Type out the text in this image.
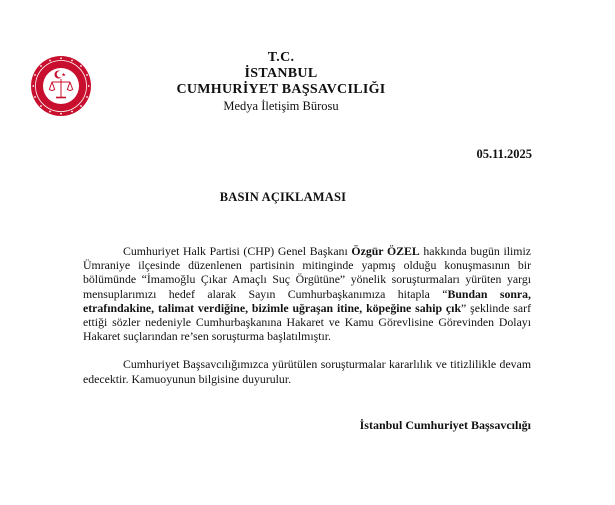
T.C.
İSTANBUL
CUMHURİYET BAŞSAVCILIĞI
Medya İletişim Bürosu
05.11.2025
BASIN AÇIKLAMASI

Cumhuriyet Halk Partisi (CHP) Genel Başkanı Özgür ÖZEL hakkında bugün ilimiz Ümraniye ilçesinde düzenlenen partisinin mitinginde yapmış olduğu konuşmasının bir bölümünde “İmamoğlu Çıkar Amaçlı Suç Örgütüne” yönelik soruşturmaları yürüten yargı mensuplarımızı hedef alarak Sayın Cumhurbaşkanımıza hitapla “Bundan sonra, etrafındakine, talimat verdiğine, bizimle uğraşan itine, köpeğine sahip çık” şeklinde sarf ettiği sözler nedeniyle Cumhurbaşkanına Hakaret ve Kamu Görevlisine Görevinden Dolayı Hakaret suçlarından re’sen soruşturma başlatılmıştır.

Cumhuriyet Başsavcılığımızca yürütülen soruşturmalar kararlılık ve titizlilikle devam edecektir. Kamuoyunun bilgisine duyurulur.

İstanbul Cumhuriyet Başsavcılığı
